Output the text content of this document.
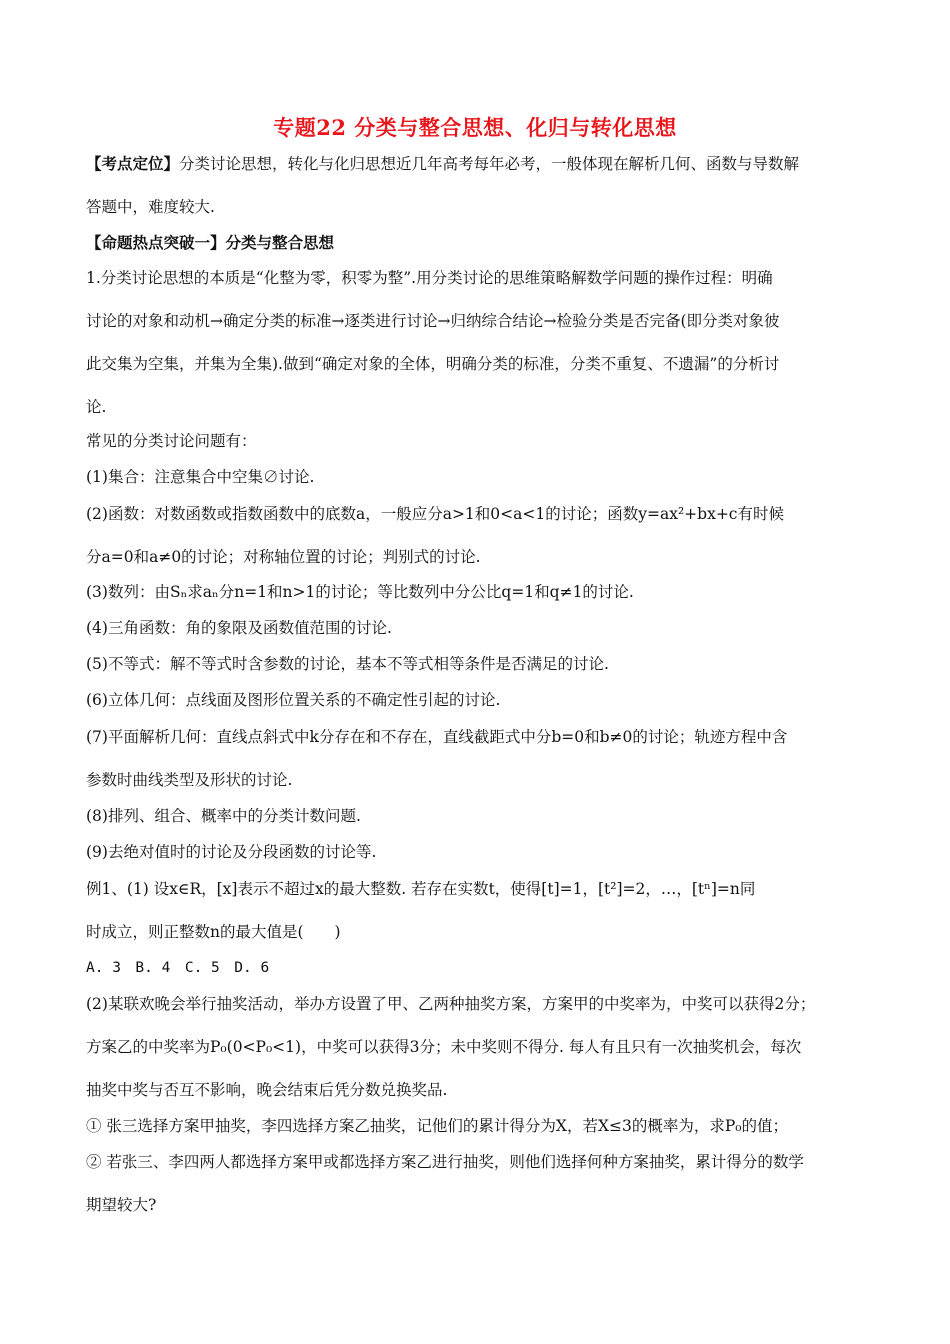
专题22 分类与整合思想、化归与转化思想
【考点定位】分类讨论思想，转化与化归思想近几年高考每年必考，一般体现在解析几何、函数与导数解
答题中，难度较大.
【命题热点突破一】分类与整合思想
1.分类讨论思想的本质是“化整为零，积零为整”.用分类讨论的思维策略解数学问题的操作过程：明确
讨论的对象和动机→确定分类的标准→逐类进行讨论→归纳综合结论→检验分类是否完备(即分类对象彼
此交集为空集，并集为全集).做到“确定对象的全体，明确分类的标准，分类不重复、不遗漏”的分析讨
论.
常见的分类讨论问题有：
(1)集合：注意集合中空集∅讨论.
(2)函数：对数函数或指数函数中的底数a，一般应分a>1和0<a<1的讨论；函数y=ax²+bx+c有时候
分a=0和a≠0的讨论；对称轴位置的讨论；判别式的讨论.
(3)数列：由Sₙ求aₙ分n=1和n>1的讨论；等比数列中分公比q=1和q≠1的讨论.
(4)三角函数：角的象限及函数值范围的讨论.
(5)不等式：解不等式时含参数的讨论，基本不等式相等条件是否满足的讨论.
(6)立体几何：点线面及图形位置关系的不确定性引起的讨论.
(7)平面解析几何：直线点斜式中k分存在和不存在，直线截距式中分b=0和b≠0的讨论；轨迹方程中含
参数时曲线类型及形状的讨论.
(8)排列、组合、概率中的分类计数问题.
(9)去绝对值时的讨论及分段函数的讨论等.
例1、(1) 设x∈R，[x]表示不超过x的最大整数. 若存在实数t，使得[t]=1，[t²]=2，…，[tⁿ]=n同
时成立，则正整数n的最大值是(　　)
A. 3　B. 4　C. 5　D. 6
(2)某联欢晚会举行抽奖活动，举办方设置了甲、乙两种抽奖方案，方案甲的中奖率为，中奖可以获得2分；
方案乙的中奖率为P₀(0<P₀<1)，中奖可以获得3分；未中奖则不得分. 每人有且只有一次抽奖机会，每次
抽奖中奖与否互不影响，晚会结束后凭分数兑换奖品.
① 张三选择方案甲抽奖，李四选择方案乙抽奖，记他们的累计得分为X，若X≤3的概率为，求P₀的值；
② 若张三、李四两人都选择方案甲或都选择方案乙进行抽奖，则他们选择何种方案抽奖，累计得分的数学
期望较大?
